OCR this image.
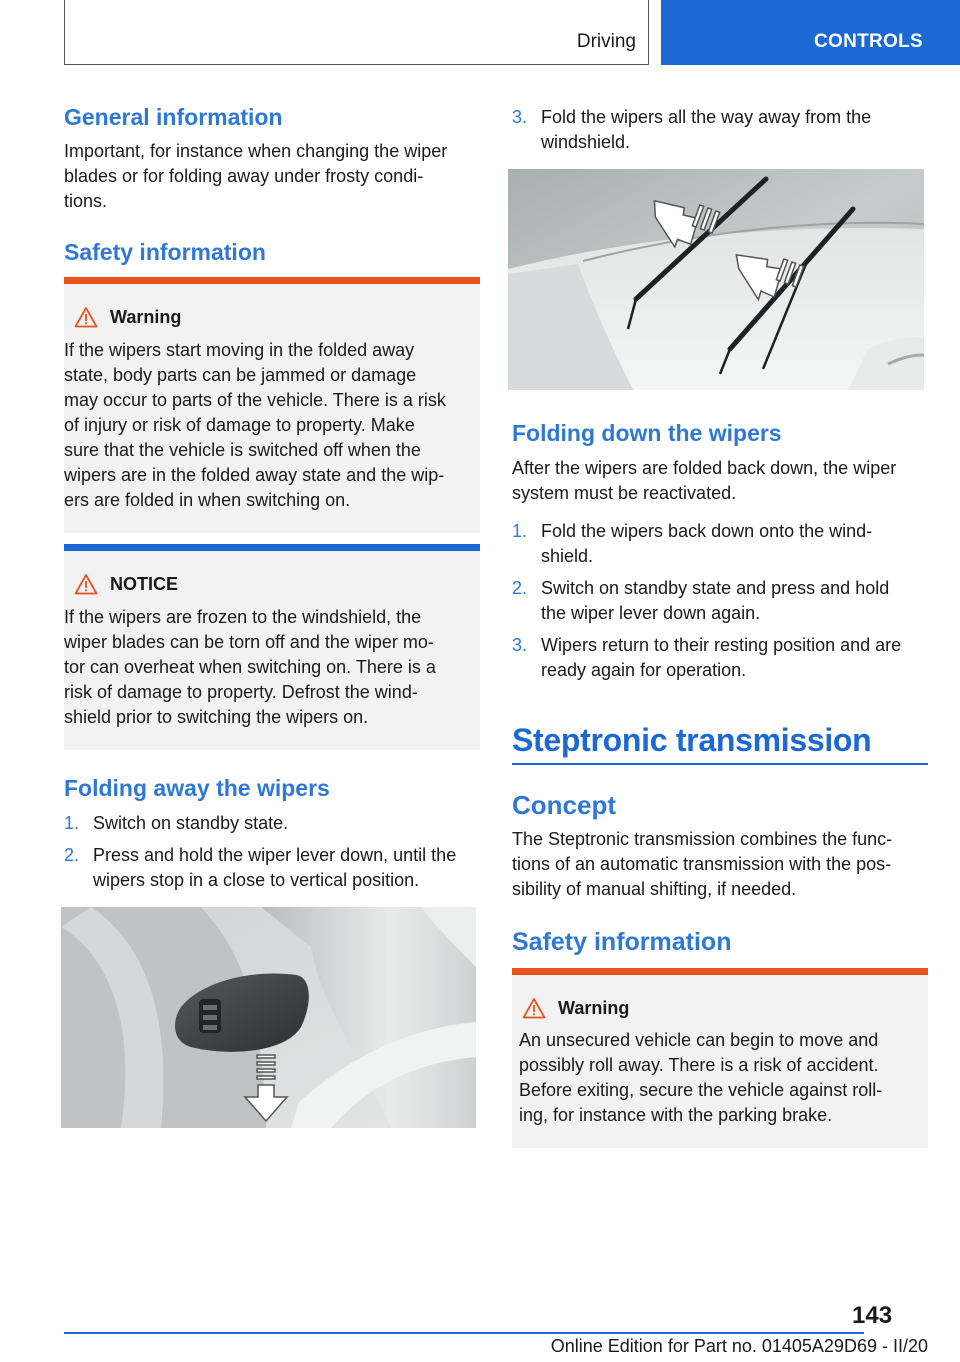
Driving	CONTROLS
General information
Important, for instance when changing the wiper
blades or for folding away under frosty condi-
tions.
Safety information
Warning
If the wipers start moving in the folded away
state, body parts can be jammed or damage
may occur to parts of the vehicle. There is a risk
of injury or risk of damage to property. Make
sure that the vehicle is switched off when the
wipers are in the folded away state and the wip-
ers are folded in when switching on.
NOTICE
If the wipers are frozen to the windshield, the
wiper blades can be torn off and the wiper mo-
tor can overheat when switching on. There is a
risk of damage to property. Defrost the wind-
shield prior to switching the wipers on.
Folding away the wipers
1. Switch on standby state.
2. Press and hold the wiper lever down, until the
wipers stop in a close to vertical position.
3. Fold the wipers all the way away from the
windshield.
Folding down the wipers
After the wipers are folded back down, the wiper
system must be reactivated.
1. Fold the wipers back down onto the wind-
shield.
2. Switch on standby state and press and hold
the wiper lever down again.
3. Wipers return to their resting position and are
ready again for operation.
Steptronic transmission
Concept
The Steptronic transmission combines the func-
tions of an automatic transmission with the pos-
sibility of manual shifting, if needed.
Safety information
Warning
An unsecured vehicle can begin to move and
possibly roll away. There is a risk of accident.
Before exiting, secure the vehicle against roll-
ing, for instance with the parking brake.
143
Online Edition for Part no. 01405A29D69 - II/20
